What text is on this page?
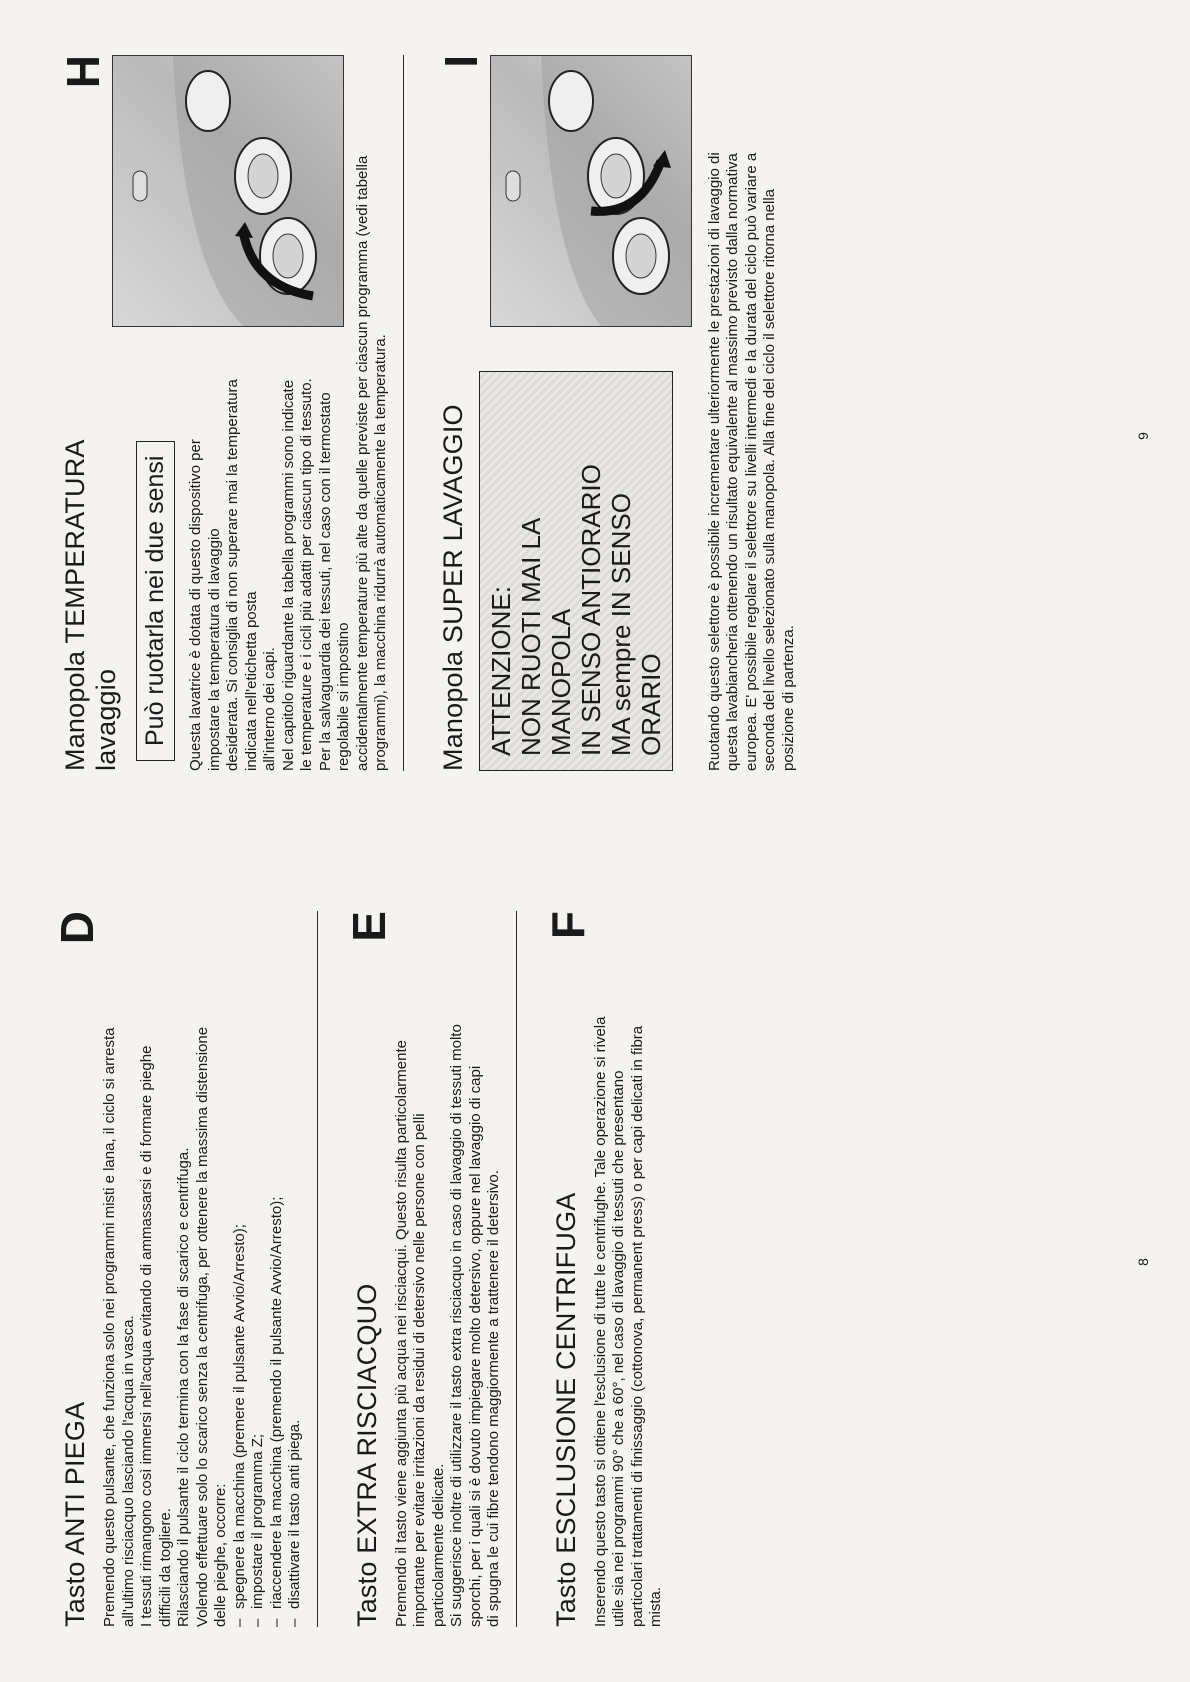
Tasto ANTI PIEGA
D

Premendo questo pulsante, che funziona solo nei programmi misti e lana, il ciclo si arresta all'ultimo risciacquo lasciando l'acqua in vasca. I tessuti rimangono così immersi nell'acqua evitando di ammassarsi e di formare pieghe difficili da togliere. Rilasciando il pulsante il ciclo termina con la fase di scarico e centrifuga. Volendo effettuare solo lo scarico senza la centrifuga, per ottenere la massima distensione delle pieghe, occorre: – spegnere la macchina (premere il pulsante Avvio/Arresto); – impostare il programma Z; – riaccendere la macchina (premendo il pulsante Avvio/Arresto); – disattivare il tasto anti piega. Tasto EXTRA RISCIACQUO
E

Premendo il tasto viene aggiunta più acqua nei risciacqui. Questo risulta particolarmente importante per evitare irritazioni da residui di detersivo nelle persone con pelli particolarmente delicate. Si suggerisce inoltre di utilizzare il tasto extra risciacquo in caso di lavaggio di tessuti molto sporchi, per i quali si è dovuto impiegare molto detersivo, oppure nel lavaggio di capi di spugna le cui fibre tendono maggiormente a trattenere il detersivo. Tasto ESCLUSIONE CENTRIFUGA
F

Inserendo questo tasto si ottiene l'esclusione di tutte le centrifughe. Tale operazione si rivela utile sia nei programmi 90° che a 60°, nel caso di lavaggio di tessuti che presentano particolari trattamenti di finissaggio (cottonova, permanent press) o per capi delicati in fibra mista.

8
Manopola TEMPERATURA lavaggio Può ruotarla nei due sensi Questa lavatrice è dotata di questo dispositivo per impostare la temperatura di lavaggio desiderata. Si consiglia di non superare mai la temperatura indicata nell'etichetta posta all'interno dei capi. Nel capitolo riguardante la tabella programmi sono indicate le temperature e i cicli più adatti per ciascun tipo di tessuto. Per la salvaguardia dei tessuti, nel caso con il termostato regolabile si impostino

H

accidentalmente temperature più alte da quelle previste per ciascun programma (vedi tabella programmi), la macchina ridurrà automaticamente la temperatura. Manopola SUPER LAVAGGIO ATTENZIONE: NON RUOTI MAI LA MANOPOLA IN SENSO ANTIORARIO MA sempre IN SENSO ORARIO
I

Ruotando questo selettore è possibile incrementare ulteriormente le prestazioni di lavaggio di questa lavabiancheria ottenendo un risultato equivalente al massimo previsto dalla normativa europea. E' possibile regolare il selettore su livelli intermedi e la durata del ciclo può variare a seconda del livello selezionato sulla manopola. Alla fine del ciclo il selettore ritorna nella posizione di partenza.

9
